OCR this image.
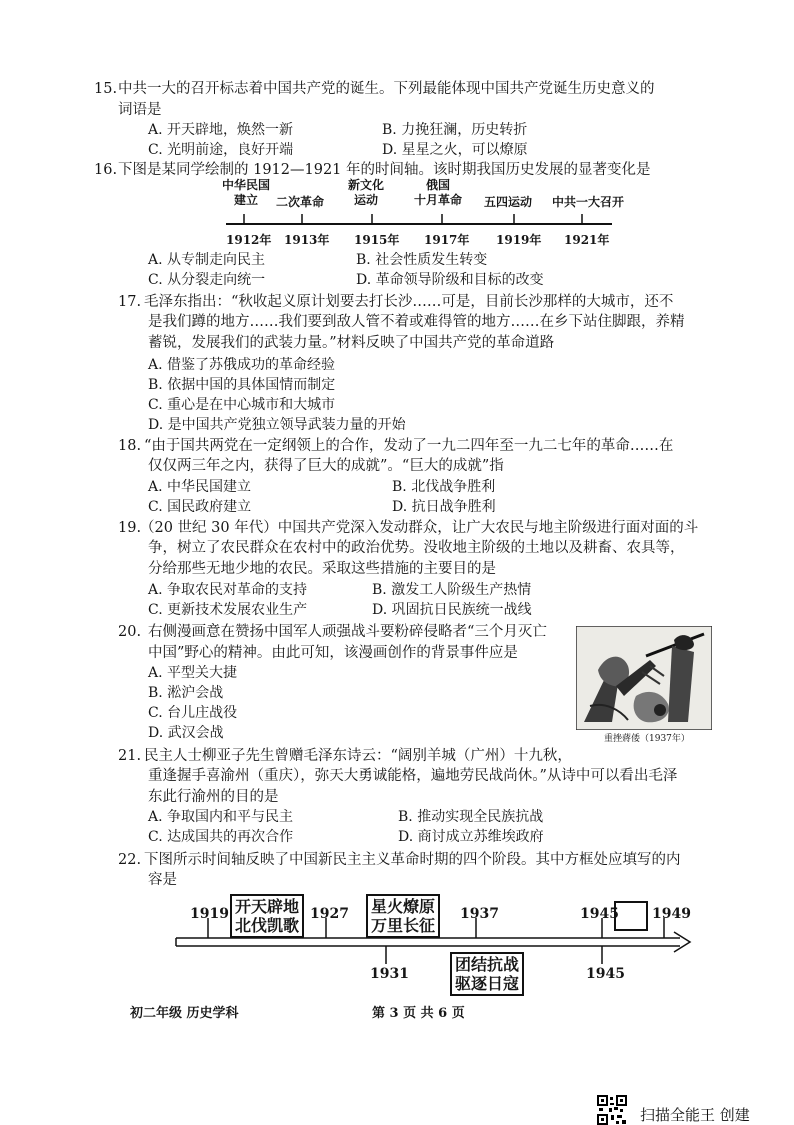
15. 中共一大的召开标志着中国共产党的诞生。下列最能体现中国共产党诞生历史意义的

词语是

A. 开天辟地，焕然一新	B. 力挽狂澜，历史转折
C. 光明前途，良好开端	D. 星星之火，可以燎原
16. 下图是某同学绘制的 1912—1921 年的时间轴。该时期我国历史发展的显著变化是

中华民国
建立	二次革命
新文化
运动
俄国
十月革命 五四运动 中共一大召开
1912年 1913年 1915年 1917年 1919年 1921年
A. 从专制走向民主	B. 社会性质发生转变
C. 从分裂走向统一	D. 革命领导阶级和目标的改变
17. 毛泽东指出：“秋收起义原计划要去打长沙……可是，目前长沙那样的大城市，还不

是我们蹲的地方……我们要到敌人管不着或难得管的地方……在乡下站住脚跟，养精

蓄锐，发展我们的武装力量。”材料反映了中国共产党的革命道路

A. 借鉴了苏俄成功的革命经验
B. 依据中国的具体国情而制定
C. 重心是在中心城市和大城市
D. 是中国共产党独立领导武装力量的开始
18. “由于国共两党在一定纲领上的合作，发动了一九二四年至一九二七年的革命……在

仅仅两三年之内，获得了巨大的成就”。“巨大的成就”指

A. 中华民国建立	B. 北伐战争胜利
C. 国民政府建立	D. 抗日战争胜利
19.

（20 世纪 30 年代）中国共产党深入发动群众，让广大农民与地主阶级进行面对面的斗

争，树立了农民群众在农村中的政治优势。没收地主阶级的土地以及耕畜、农具等，

分给那些无地少地的农民。采取这些措施的主要目的是

A. 争取农民对革命的支持	B. 激发工人阶级生产热情
C. 更新技术发展农业生产	D. 巩固抗日民族统一战线
20. 右侧漫画意在赞扬中国军人顽强战斗要粉碎侵略者“三个月灭亡

中国”野心的精神。由此可知，该漫画创作的背景事件应是

A. 平型关大捷
B. 淞沪会战
C. 台儿庄战役
D. 武汉会战	重挫蔣倭（1937年）
21. 民主人士柳亚子先生曾赠毛泽东诗云：“阔别羊城（广州）十九秋，

重逢握手喜渝州（重庆），弥天大勇诚能格，遍地劳民战尚休。”从诗中可以看出毛泽

东此行渝州的目的是

A. 争取国内和平与民主	B. 推动实现全民族抗战
C. 达成国共的再次合作	D. 商讨成立苏维埃政府
22. 下图所示时间轴反映了中国新民主主义革命时期的四个阶段。其中方框处应填写的内

容是

1919 开天辟地
北伐凯歌
1927	星火燎原
万里长征
1937	1945 1949
1931	团结抗战
驱逐日寇	1945
初二年级 历史学科	第 3 页 共 6 页
扫描全能王 创建
